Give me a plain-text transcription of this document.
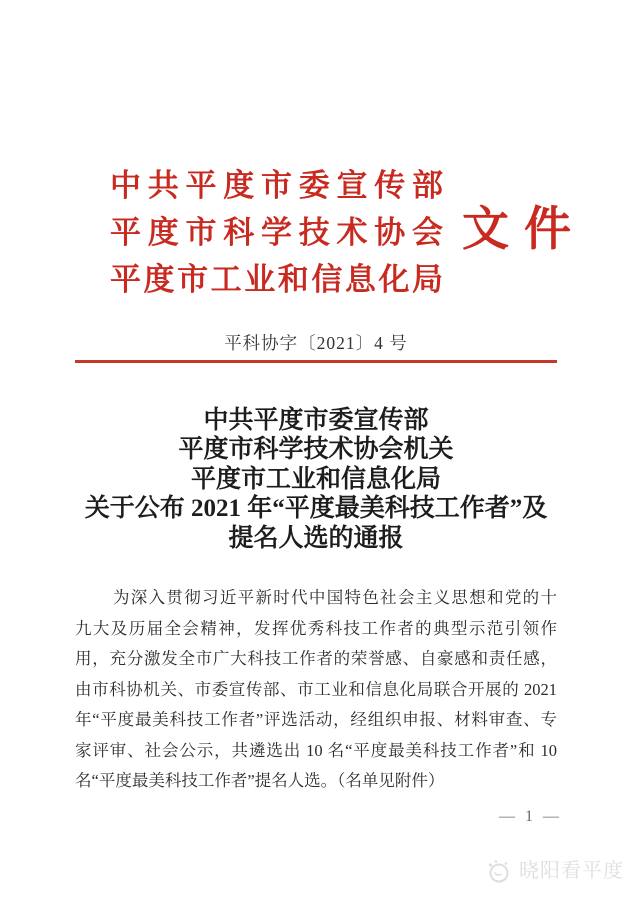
中共平度市委宣传部
平度市科学技术协会
平度市工业和信息化局
文件
平科协字〔2021〕4 号
中共平度市委宣传部
平度市科学技术协会机关
平度市工业和信息化局
关于公布 2021 年“平度最美科技工作者”及
提名人选的通报
为深入贯彻习近平新时代中国特色社会主义思想和党的十
九大及历届全会精神，发挥优秀科技工作者的典型示范引领作
用，充分激发全市广大科技工作者的荣誉感、自豪感和责任感，
由市科协机关、市委宣传部、市工业和信息化局联合开展的 2021
年“平度最美科技工作者”评选活动，经组织申报、材料审查、专
家评审、社会公示，共遴选出 10 名“平度最美科技工作者”和 10
名“平度最美科技工作者”提名人选。（名单见附件）
— 1 —
晓阳看平度
